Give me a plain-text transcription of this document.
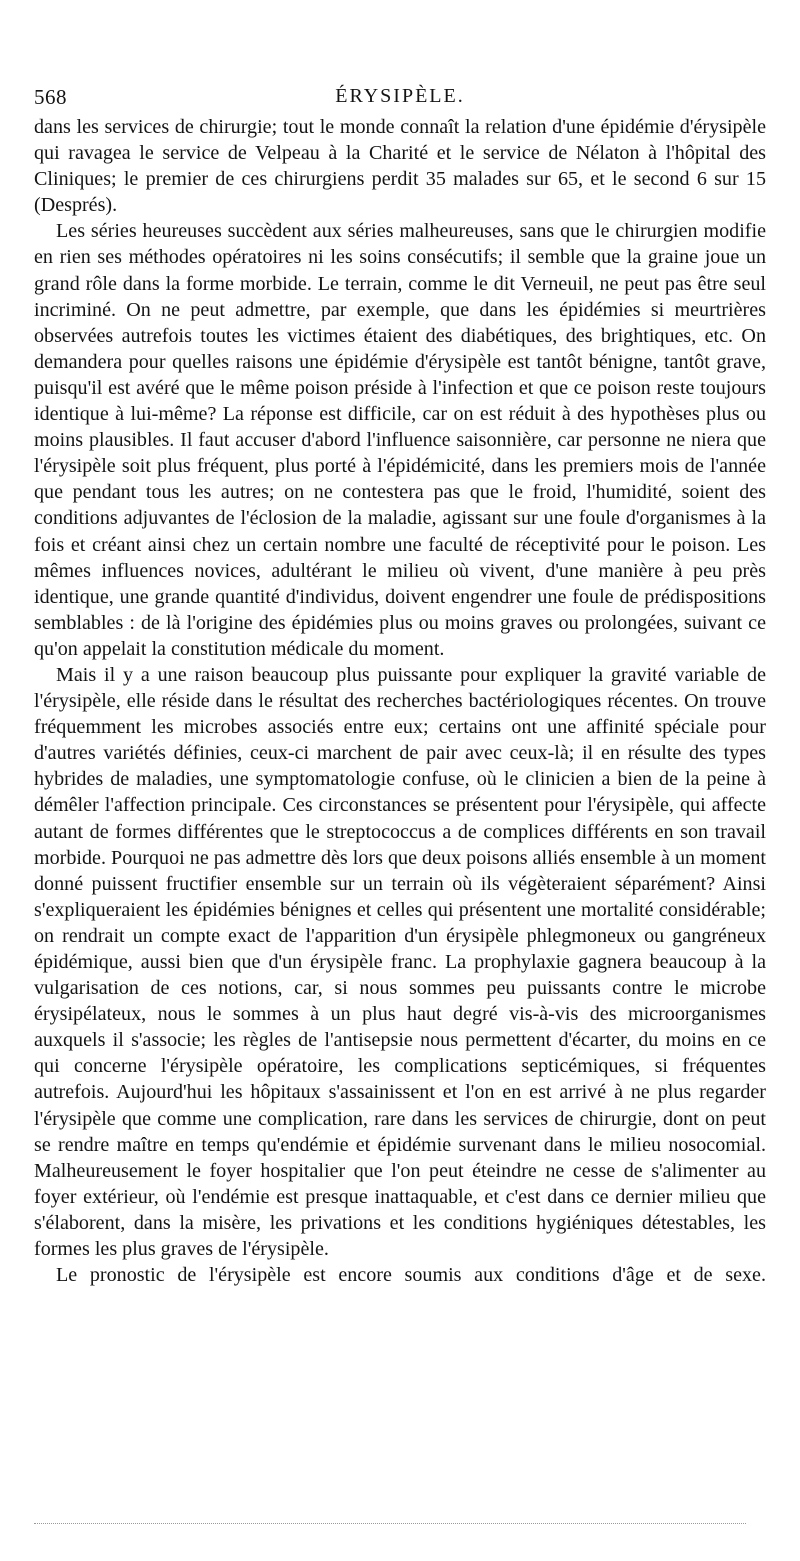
568	ÉRYSIPÈLE.

dans les services de chirurgie; tout le monde connaît la relation d'une épidémie d'érysipèle qui ravagea le service de Velpeau à la Charité et le service de Nélaton à l'hôpital des Cliniques; le premier de ces chirurgiens perdit 35 malades sur 65, et le second 6 sur 15 (Després).

Les séries heureuses succèdent aux séries malheureuses, sans que le chirurgien modifie en rien ses méthodes opératoires ni les soins consécutifs; il semble que la graine joue un grand rôle dans la forme morbide. Le terrain, comme le dit Verneuil, ne peut pas être seul incriminé. On ne peut admettre, par exemple, que dans les épidémies si meurtrières observées autrefois toutes les victimes étaient des diabétiques, des brightiques, etc. On demandera pour quelles raisons une épidémie d'érysipèle est tantôt bénigne, tantôt grave, puisqu'il est avéré que le même poison préside à l'infection et que ce poison reste toujours identique à lui-même? La réponse est difficile, car on est réduit à des hypothèses plus ou moins plausibles. Il faut accuser d'abord l'influence saisonnière, car personne ne niera que l'érysipèle soit plus fréquent, plus porté à l'épidémicité, dans les premiers mois de l'année que pendant tous les autres; on ne contestera pas que le froid, l'humidité, soient des conditions adjuvantes de l'éclosion de la maladie, agissant sur une foule d'organismes à la fois et créant ainsi chez un certain nombre une faculté de réceptivité pour le poison. Les mêmes influences novices, adultérant le milieu où vivent, d'une manière à peu près identique, une grande quantité d'individus, doivent engendrer une foule de prédispositions semblables : de là l'origine des épidémies plus ou moins graves ou prolongées, suivant ce qu'on appelait la constitution médicale du moment.

Mais il y a une raison beaucoup plus puissante pour expliquer la gravité variable de l'érysipèle, elle réside dans le résultat des recherches bactériologiques récentes. On trouve fréquemment les microbes associés entre eux; certains ont une affinité spéciale pour d'autres variétés définies, ceux-ci marchent de pair avec ceux-là; il en résulte des types hybrides de maladies, une symptomatologie confuse, où le clinicien a bien de la peine à démêler l'affection principale. Ces circonstances se présentent pour l'érysipèle, qui affecte autant de formes différentes que le streptococcus a de complices différents en son travail morbide. Pourquoi ne pas admettre dès lors que deux poisons alliés ensemble à un moment donné puissent fructifier ensemble sur un terrain où ils végèteraient séparément? Ainsi s'expliqueraient les épidémies bénignes et celles qui présentent une mortalité considérable; on rendrait un compte exact de l'apparition d'un érysipèle phlegmoneux ou gangréneux épidémique, aussi bien que d'un érysipèle franc. La prophylaxie gagnera beaucoup à la vulgarisation de ces notions, car, si nous sommes peu puissants contre le microbe érysipélateux, nous le sommes à un plus haut degré vis-à-vis des microorganismes auxquels il s'associe; les règles de l'antisepsie nous permettent d'écarter, du moins en ce qui concerne l'érysipèle opératoire, les complications septicémiques, si fréquentes autrefois. Aujourd'hui les hôpitaux s'assainissent et l'on en est arrivé à ne plus regarder l'érysipèle que comme une complication, rare dans les services de chirurgie, dont on peut se rendre maître en temps qu'endémie et épidémie survenant dans le milieu nosocomial. Malheureusement le foyer hospitalier que l'on peut éteindre ne cesse de s'alimenter au foyer extérieur, où l'endémie est presque inattaquable, et c'est dans ce dernier milieu que s'élaborent, dans la misère, les privations et les conditions hygiéniques détestables, les formes les plus graves de l'érysipèle.

Le pronostic de l'érysipèle est encore soumis aux conditions d'âge et de sexe.
